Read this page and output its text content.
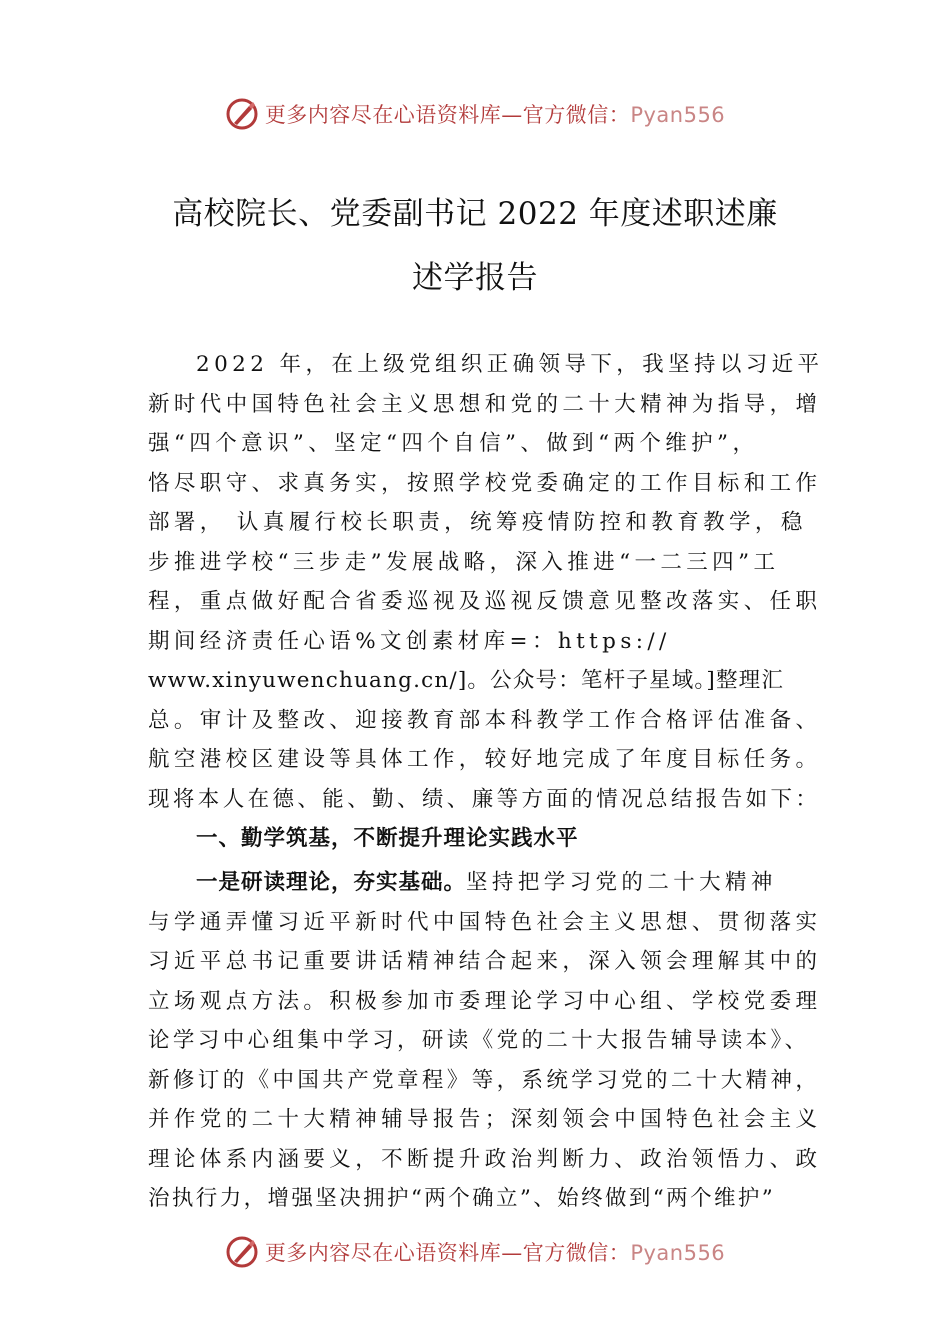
更多内容尽在心语资料库—官方微信：Pyan556
高校院长、党委副书记 2022 年度述职述廉
述学报告
2022 年，在上级党组织正确领导下，我坚持以习近平
新时代中国特色社会主义思想和党的二十大精神为指导，增
强“四个意识”、坚定“四个自信”、做到“两个维护”，
恪尽职守、求真务实，按照学校党委确定的工作目标和工作
部署， 认真履行校长职责，统筹疫情防控和教育教学，稳
步推进学校“三步走”发展战略，深入推进“一二三四”工
程，重点做好配合省委巡视及巡视反馈意见整改落实、任职
期间经济责任心语%文创素材库=：https://
www.xinyuwenchuang.cn/]。公众号：笔杆子星域。]整理汇
总。审计及整改、迎接教育部本科教学工作合格评估准备、
航空港校区建设等具体工作，较好地完成了年度目标任务。
现将本人在德、能、勤、绩、廉等方面的情况总结报告如下：
一、勤学筑基，不断提升理论实践水平
一是研读理论，夯实基础。坚持把学习党的二十大精神
与学通弄懂习近平新时代中国特色社会主义思想、贯彻落实
习近平总书记重要讲话精神结合起来，深入领会理解其中的
立场观点方法。积极参加市委理论学习中心组、学校党委理
论学习中心组集中学习，研读《党的二十大报告辅导读本》、
新修订的《中国共产党章程》等，系统学习党的二十大精神，
并作党的二十大精神辅导报告；深刻领会中国特色社会主义
理论体系内涵要义，不断提升政治判断力、政治领悟力、政
治执行力，增强坚决拥护“两个确立”、始终做到“两个维护”
更多内容尽在心语资料库—官方微信：Pyan556
